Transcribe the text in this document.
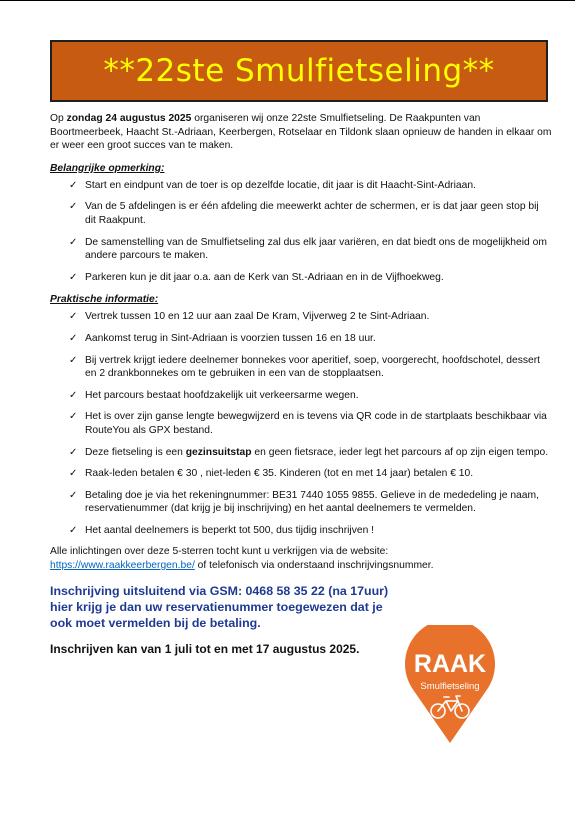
**22ste Smulfietseling**

Op zondag 24 augustus 2025 organiseren wij onze 22ste Smulfietseling. De Raakpunten van Boortmeerbeek, Haacht St.-Adriaan, Keerbergen, Rotselaar en Tildonk slaan opnieuw de handen in elkaar om er weer een groot succes van te maken.

Belangrijke opmerking:
✓ Start en eindpunt van de toer is op dezelfde locatie, dit jaar is dit Haacht-Sint-Adriaan.
✓ Van de 5 afdelingen is er één afdeling die meewerkt achter de schermen, er is dat jaar geen stop bij dit Raakpunt.
✓ De samenstelling van de Smulfietseling zal dus elk jaar variëren, en dat biedt ons de mogelijkheid om andere parcours te maken.
✓ Parkeren kun je dit jaar o.a. aan de Kerk van St.-Adriaan en in de Vijfhoekweg.
Praktische informatie:
✓ Vertrek tussen 10 en 12 uur aan zaal De Kram, Vijverweg 2 te Sint-Adriaan.
✓ Aankomst terug in Sint-Adriaan is voorzien tussen 16 en 18 uur.
✓ Bij vertrek krijgt iedere deelnemer bonnekes voor aperitief, soep, voorgerecht, hoofdschotel, dessert en 2 drankbonnekes om te gebruiken in een van de stopplaatsen.
✓ Het parcours bestaat hoofdzakelijk uit verkeersarme wegen.
✓ Het is over zijn ganse lengte bewegwijzerd en is tevens via QR code in de startplaats beschikbaar via RouteYou als GPX bestand.
✓ Deze fietseling is een gezinsuitstap en geen fietsrace, ieder legt het parcours af op zijn eigen tempo.
✓ Raak-leden betalen € 30 , niet-leden € 35. Kinderen (tot en met 14 jaar) betalen € 10.
✓ Betaling doe je via het rekeningnummer: BE31 7440 1055 9855. Gelieve in de mededeling je naam, reservatienummer (dat krijg je bij inschrijving) en het aantal deelnemers te vermelden.
✓ Het aantal deelnemers is beperkt tot 500, dus tijdig inschrijven !

Alle inlichtingen over deze 5-sterren tocht kunt u verkrijgen via de website:
https://www.raakkeerbergen.be/ of telefonisch via onderstaand inschrijvingsnummer.

Inschrijving uitsluitend via GSM: 0468 58 35 22 (na 17uur) hier krijg je dan uw reservatienummer toegewezen dat je ook moet vermelden bij de betaling.
Inschrijven kan van 1 juli tot en met 17 augustus 2025.
RAAK
Smulfietseling
